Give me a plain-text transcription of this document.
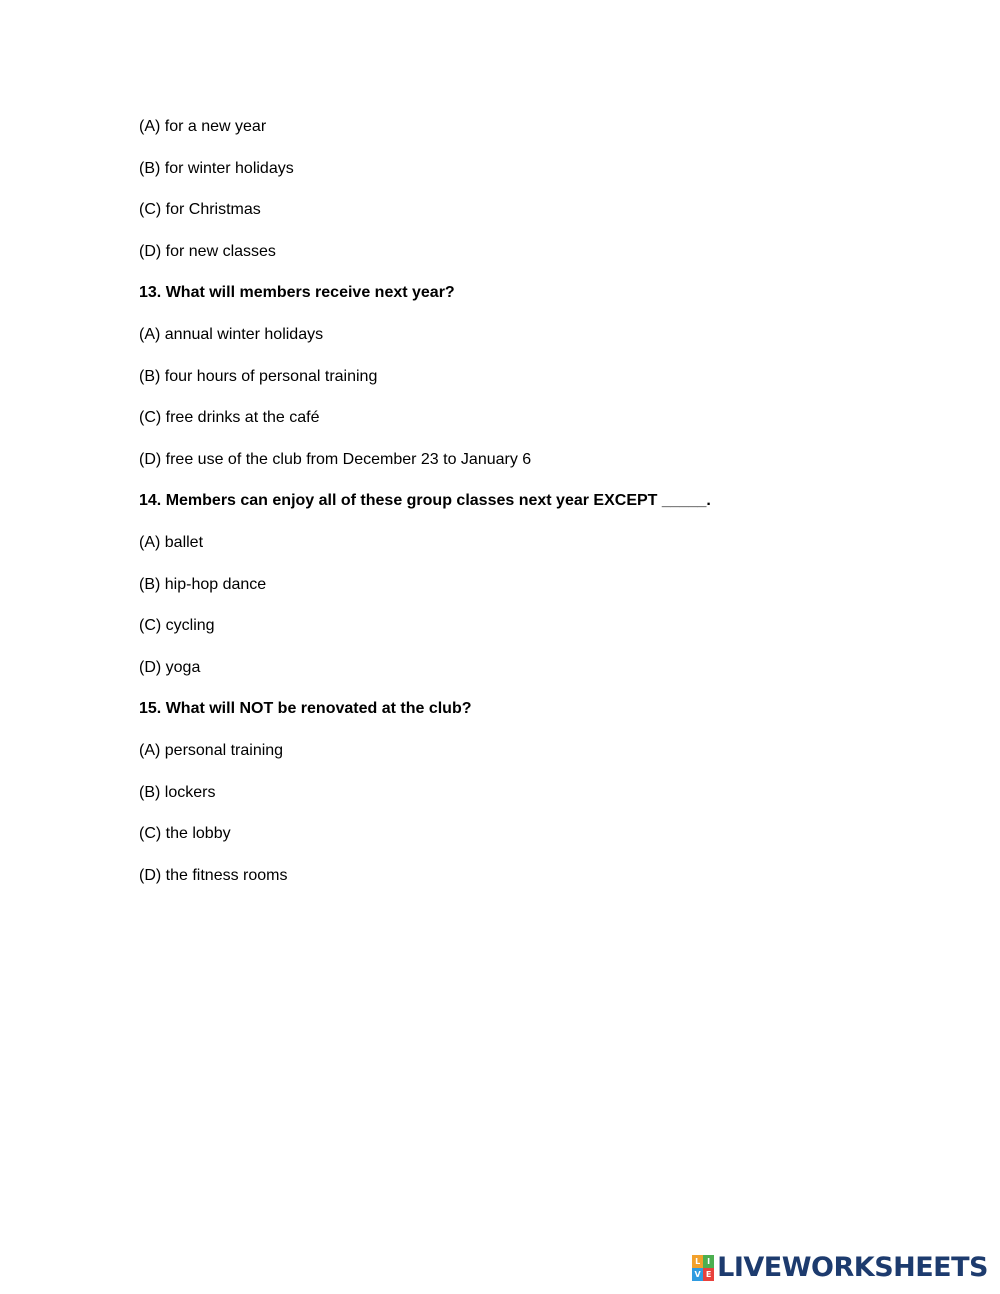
(A) for a new year
(B) for winter holidays
(C) for Christmas
(D) for new classes
13. What will members receive next year?
(A) annual winter holidays
(B) four hours of personal training
(C) free drinks at the café
(D) free use of the club from December 23 to January 6
14. Members can enjoy all of these group classes next year EXCEPT _____.
(A) ballet
(B) hip-hop dance
(C) cycling
(D) yoga
15. What will NOT be renovated at the club?
(A) personal training
(B) lockers
(C) the lobby
(D) the fitness rooms
L I
V E LIVEWORKSHEETS
